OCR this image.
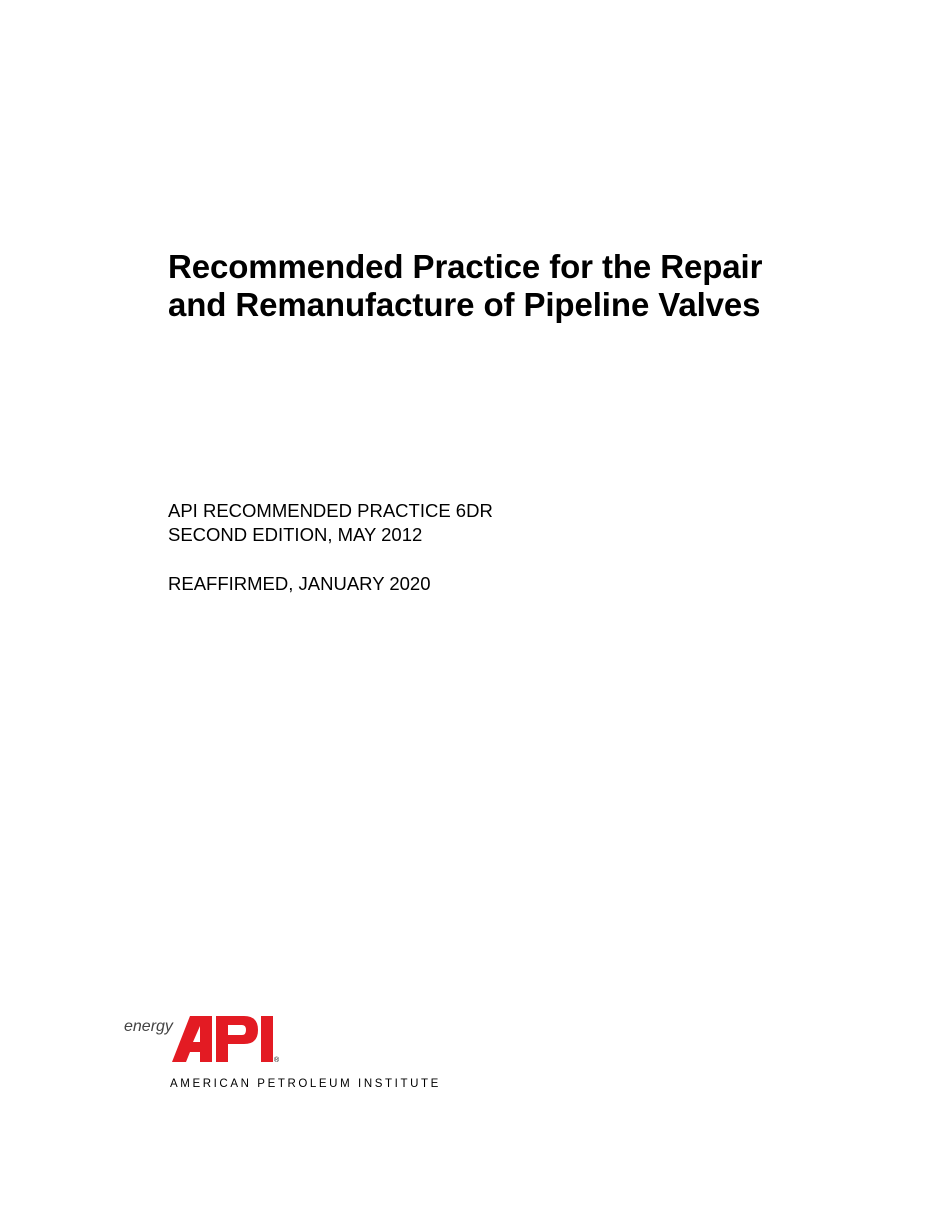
Recommended Practice for the Repair
and Remanufacture of Pipeline Valves
API RECOMMENDED PRACTICE 6DR
SECOND EDITION, MAY 2012
REAFFIRMED, JANUARY 2020
energy
®
AMERICAN PETROLEUM INSTITUTE
